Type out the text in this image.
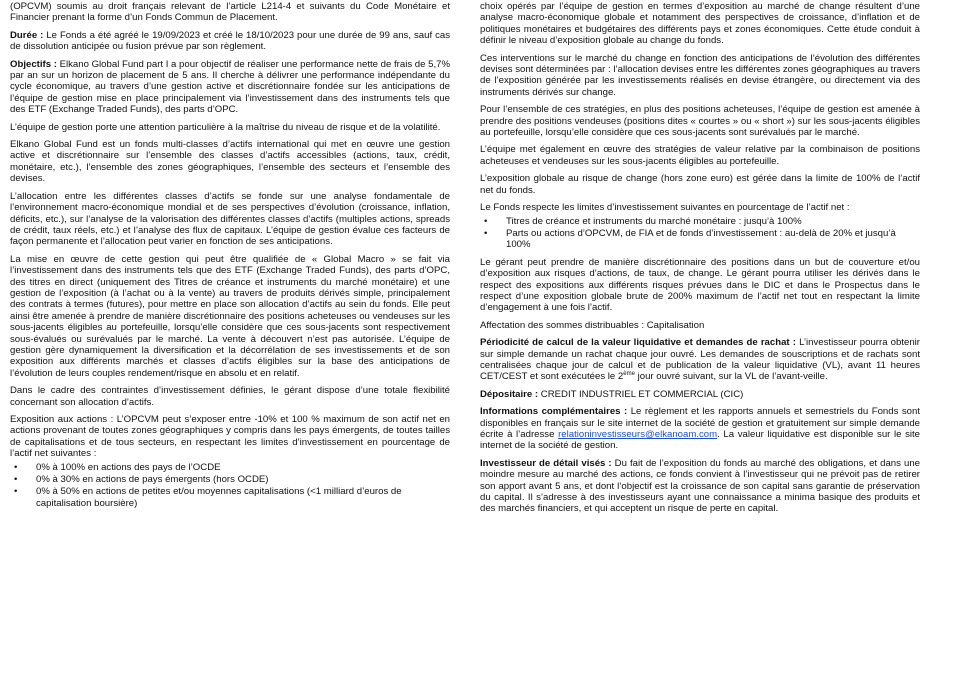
(OPCVM) soumis au droit français relevant de l’article L214-4 et suivants du Code Monétaire et Financier prenant la forme d’un Fonds Commun de Placement.

Durée : Le Fonds a été agréé le 19/09/2023 et créé le 18/10/2023 pour une durée de 99 ans, sauf cas de dissolution anticipée ou fusion prévue par son règlement.

Objectifs : Elkano Global Fund part I a pour objectif de réaliser une performance nette de frais de 5,7% par an sur un horizon de placement de 5 ans. Il cherche à délivrer une performance indépendante du cycle économique, au travers d’une gestion active et discrétionnaire fondée sur les anticipations de l’équipe de gestion mise en place principalement via l’investissement dans des instruments tels que des ETF (Exchange Traded Funds), des parts d’OPC.

L’équipe de gestion porte une attention particulière à la maîtrise du niveau de risque et de la volatilité.

Elkano Global Fund est un fonds multi-classes d’actifs international qui met en œuvre une gestion active et discrétionnaire sur l’ensemble des classes d’actifs accessibles (actions, taux, crédit, monétaire, etc.), l’ensemble des zones géographiques, l’ensemble des secteurs et l’ensemble des devises.

L’allocation entre les différentes classes d’actifs se fonde sur une analyse fondamentale de l’environnement macro-économique mondial et de ses perspectives d’évolution (croissance, inflation, déficits, etc.), sur l’analyse de la valorisation des différentes classes d’actifs (multiples actions, spreads de crédit, taux réels, etc.) et l’analyse des flux de capitaux. L’équipe de gestion évalue ces facteurs de façon permanente et l’allocation peut varier en fonction de ses anticipations.

La mise en œuvre de cette gestion qui peut être qualifiée de « Global Macro » se fait via l’investissement dans des instruments tels que des ETF (Exchange Traded Funds), des parts d’OPC, des titres en direct (uniquement des Titres de créance et instruments du marché monétaire) et une gestion de l’exposition (à l’achat ou à la vente) au travers de produits dérivés simple, principalement des contrats à termes (futures), pour mettre en place son allocation d’actifs au sein du fonds. Elle peut ainsi être amenée à prendre de manière discrétionnaire des positions acheteuses ou vendeuses sur les sous-jacents éligibles au portefeuille, lorsqu’elle considère que ces sous-jacents sont respectivement sous-évalués ou surévalués par le marché. La vente à découvert n’est pas autorisée. L’équipe de gestion gère dynamiquement la diversification et la décorrélation de ses investissements et de son exposition aux différents marchés et classes d’actifs éligibles sur la base des anticipations de l’évolution de leurs couples rendement/risque en absolu et en relatif.

Dans le cadre des contraintes d’investissement définies, le gérant dispose d’une totale flexibilité concernant son allocation d’actifs.

Exposition aux actions : L’OPCVM peut s’exposer entre -10% et 100 % maximum de son actif net en actions provenant de toutes zones géographiques y compris dans les pays émergents, de toutes tailles de capitalisations et de tous secteurs, en respectant les limites d’investissement en pourcentage de l’actif net suivantes :

• 0% à 100% en actions des pays de l’OCDE
• 0% à 30% en actions de pays émergents (hors OCDE)
• 0% à 50% en actions de petites et/ou moyennes capitalisations (<1 milliard d’euros de capitalisation boursière)

choix opérés par l’équipe de gestion en termes d’exposition au marché de change résultent d’une analyse macro-économique globale et notamment des perspectives de croissance, d’inflation et de politiques monétaires et budgétaires des différents pays et zones économiques. Cette étude conduit à définir le niveau d’exposition globale au change du fonds.

Ces interventions sur le marché du change en fonction des anticipations de l’évolution des différentes devises sont déterminées par : l’allocation devises entre les différentes zones géographiques au travers de l’exposition générée par les investissements réalisés en devise étrangère, ou directement via des instruments dérivés sur change.

Pour l’ensemble de ces stratégies, en plus des positions acheteuses, l’équipe de gestion est amenée à prendre des positions vendeuses (positions dites « courtes » ou « short ») sur les sous-jacents éligibles au portefeuille, lorsqu’elle considère que ces sous-jacents sont surévalués par le marché.

L’équipe met également en œuvre des stratégies de valeur relative par la combinaison de positions acheteuses et vendeuses sur les sous-jacents éligibles au portefeuille.

L’exposition globale au risque de change (hors zone euro) est gérée dans la limite de 100% de l’actif net du fonds.

Le Fonds respecte les limites d’investissement suivantes en pourcentage de l’actif net :

• Titres de créance et instruments du marché monétaire : jusqu’à 100%
• Parts ou actions d’OPCVM, de FIA et de fonds d’investissement : au-delà de 20% et jusqu’à 100%

Le gérant peut prendre de manière discrétionnaire des positions dans un but de couverture et/ou d’exposition aux risques d’actions, de taux, de change. Le gérant pourra utiliser les dérivés dans le respect des expositions aux différents risques prévues dans le DIC et dans le Prospectus dans le respect d’une exposition globale brute de 200% maximum de l’actif net tout en respectant la limite d’engagement à une fois l’actif.

Affectation des sommes distribuables : Capitalisation

Périodicité de calcul de la valeur liquidative et demandes de rachat : L’investisseur pourra obtenir sur simple demande un rachat chaque jour ouvré. Les demandes de souscriptions et de rachats sont centralisées chaque jour de calcul et de publication de la valeur liquidative (VL), avant 11 heures CET/CEST et sont exécutées le 2ème jour ouvré suivant, sur la VL de l’avant-veille.

Dépositaire : CREDIT INDUSTRIEL ET COMMERCIAL (CIC)

Informations complémentaires : Le règlement et les rapports annuels et semestriels du Fonds sont disponibles en français sur le site internet de la société de gestion et gratuitement sur simple demande écrite à l’adresse relationinvestisseurs@elkanoam.com. La valeur liquidative est disponible sur le site internet de la société de gestion.

Investisseur de détail visés : Du fait de l’exposition du fonds au marché des obligations, et dans une moindre mesure au marché des actions, ce fonds convient à l’investisseur qui ne prévoit pas de retirer son apport avant 5 ans, et dont l’objectif est la croissance de son capital sans garantie de préservation du capital. Il s’adresse à des investisseurs ayant une connaissance a minima basique des produits et des marchés financiers, et qui acceptent un risque de perte en capital.
